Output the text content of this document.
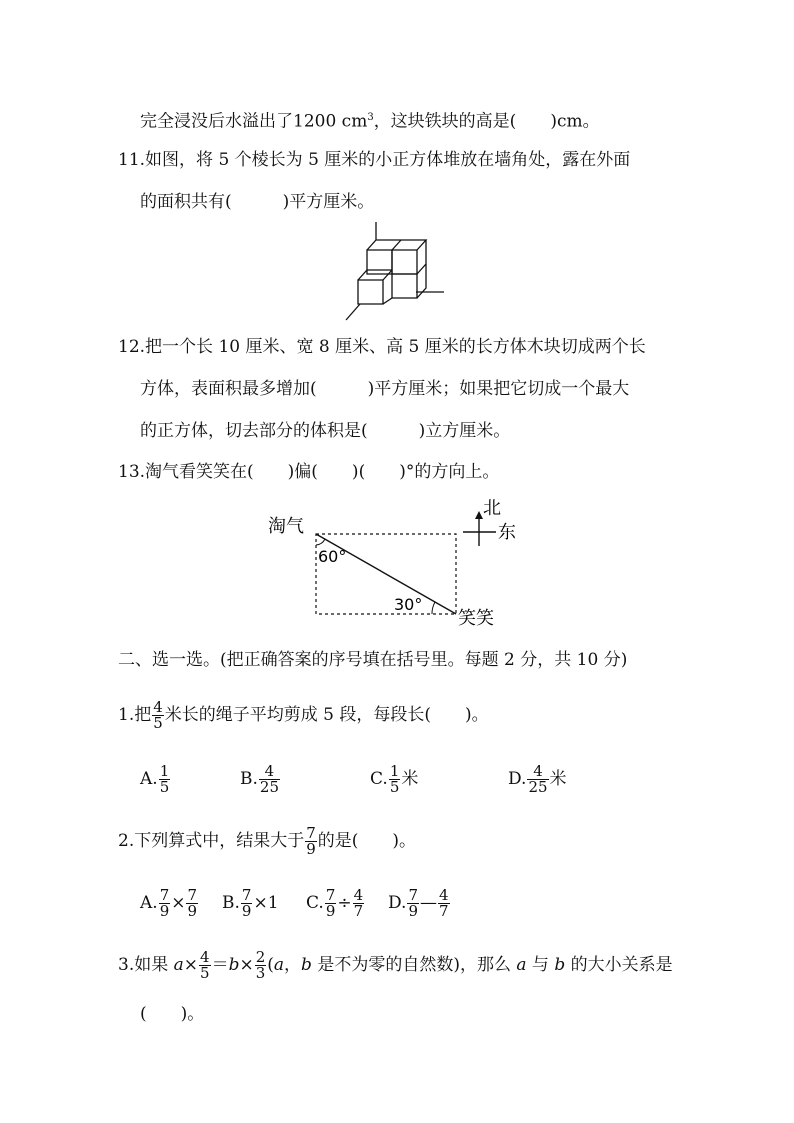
完全浸没后水溢出了1200 $cm^3$，这块铁块的高是(　　)cm。
11.如图，将 5 个棱长为 5 厘米的小正方体堆放在墙角处，露在外面
的面积共有(　　　)平方厘米。
12.把一个长 10 厘米、宽 8 厘米、高 5 厘米的长方体木块切成两个长
方体，表面积最多增加(　　　)平方厘米；如果把它切成一个最大
的正方体，切去部分的体积是(　　　)立方厘米。
13.淘气看笑笑在(　　)偏(　　)(　　)°的方向上。
淘气
60°
30°
笑笑
北
东
二、选一选。(把正确答案的序号填在括号里。每题 2 分，共 10 分)
1.把 $\frac{4}{5}$ 米长的绳子平均剪成 5 段，每段长(　　)。
A. $\frac{1}{5}$	B. $\frac{4}{25}$	C. $\frac{1}{5}$ 米	D. $\frac{4}{25}$ 米
2.下列算式中，结果大于 $\frac{7}{9}$ 的是(　　)。
A. $\frac{7}{9} \times \frac{7}{9} B$. $\frac{7}{9} \times 1$ C. $\frac{7}{9} \div \frac{4}{7} D$. $\frac{7}{9}$ — $\frac{4}{7}$
3.如果 $a\times \frac{4}{5} =b\times \frac{2}{3} (a$，b 是不为零的自然数)，那么 a 与 b 的大小关系是
(　　)。
